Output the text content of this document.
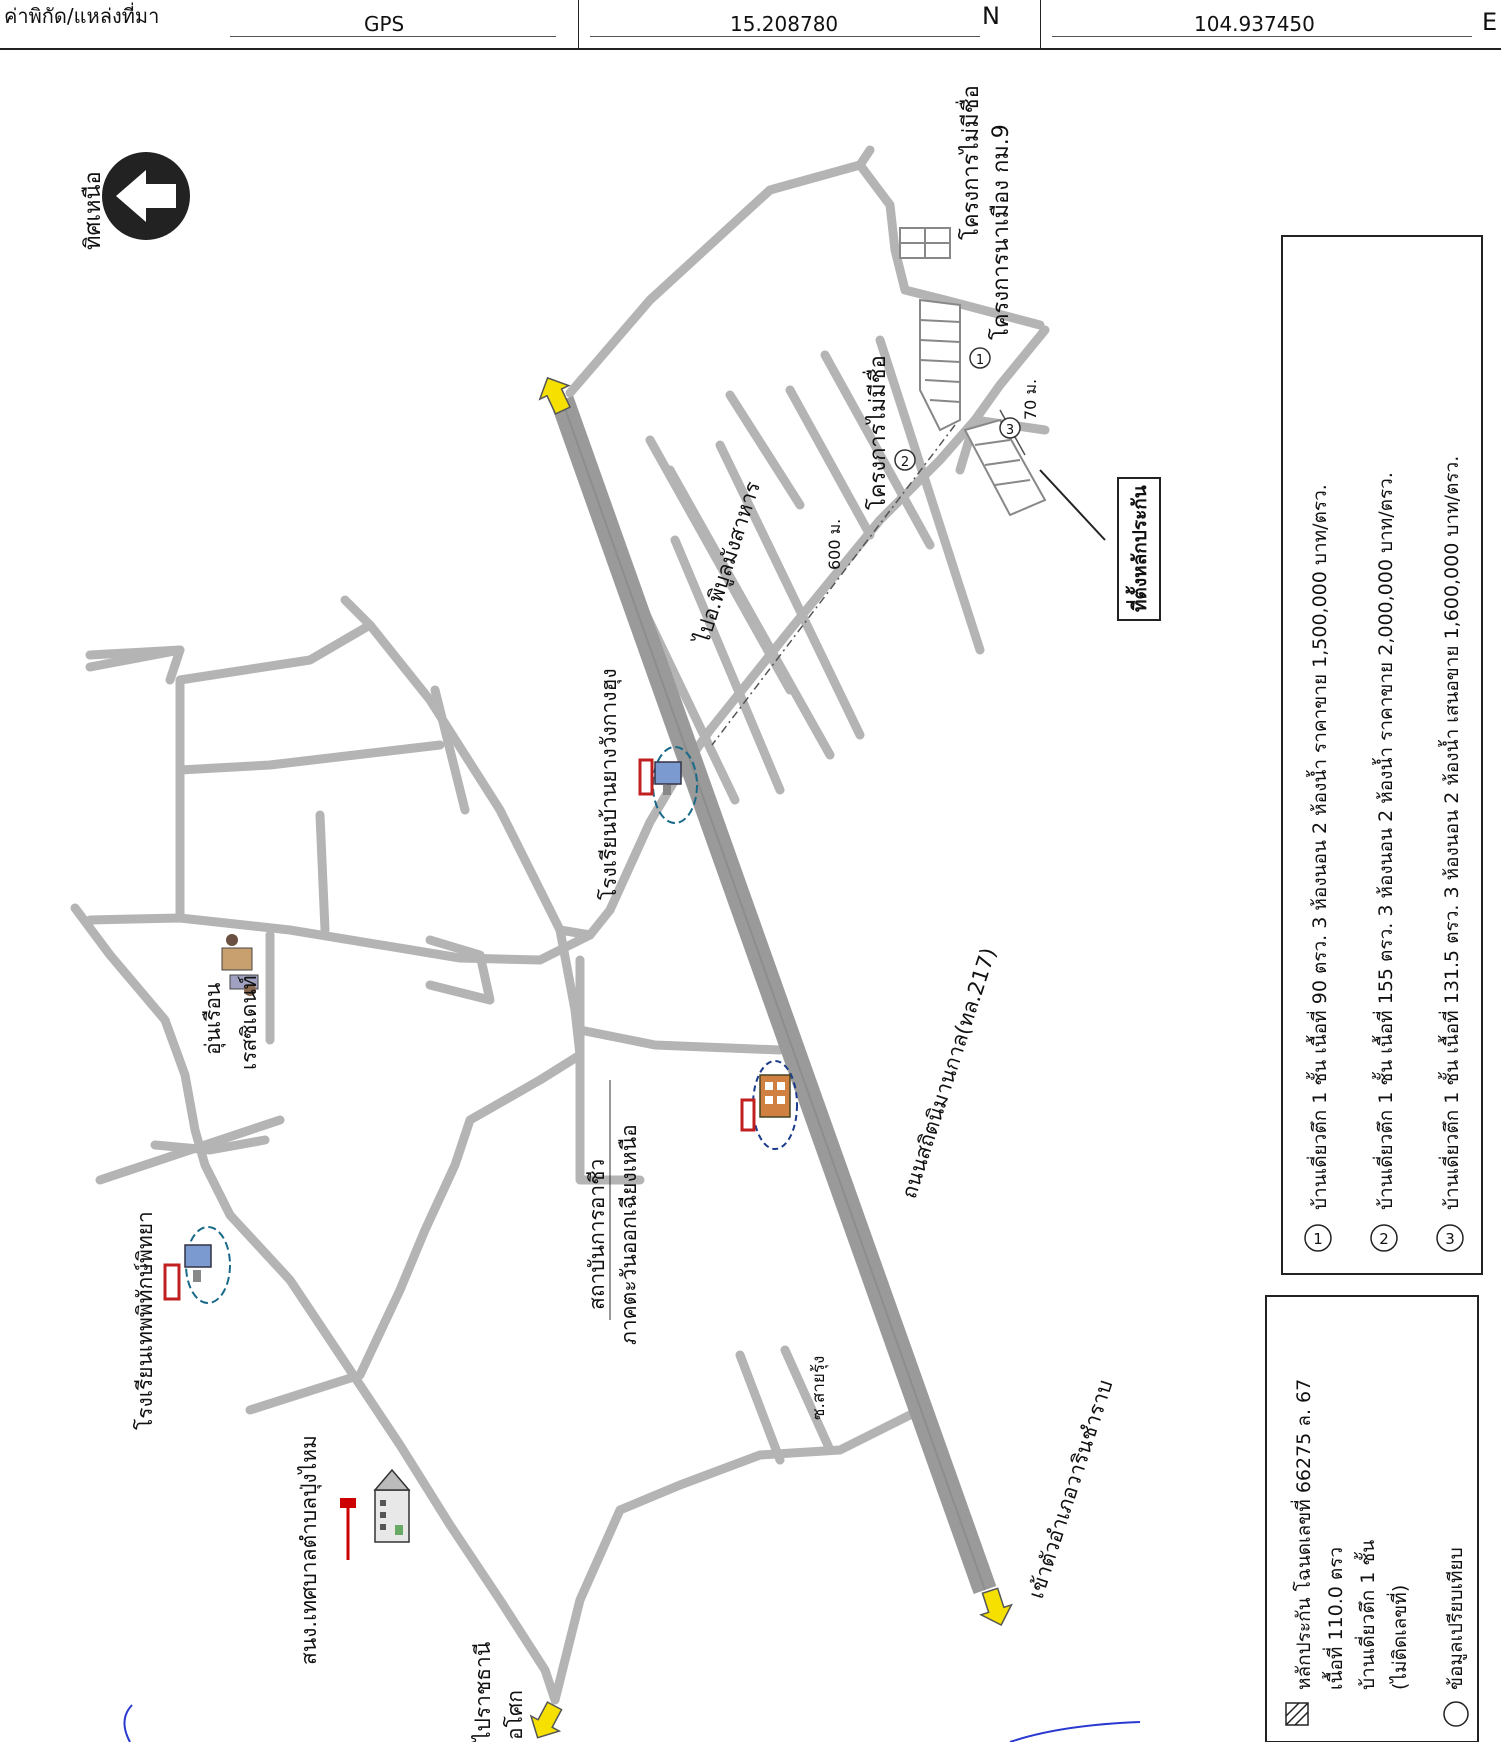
ค่าพิกัด/แหล่งที่มา	GPS	15.208780	N	104.937450	E
1
2
3
โครงการไม่มีชื่อ โครงการนาเมือง กม.9
โครงการไม่มีชื่อ
600 ม.
70 ม.
ที่ตั้งหลักประกัน
ทิศเหนือ
ไปอ.พิบูลมังสาหาร
โรงเรียนบ้านยางวังกางฮุง
ถนนสถิตนิมานกาล(ทล.217)
อุ่นเรือน เรสซิเดนท์
สถาบันการอาชีว ภาคตะวันออกเฉียงเหนือ
โรงเรียนเทพพิทักษ์พิทยา	ซ.สายรุ้ง
สนง.เทศบาลตำบลปุ่งไหม	เข้าตัวอำเภอวารินชำราบ
ไปราชธานี อโศก
1
บ้านเดี่ยวตึก 1 ชั้น เนื้อที่ 90 ตรว. 3 ห้องนอน 2 ห้องน้ำ ราคาขาย 1,500,000 บาท/ตรว.
2
บ้านเดี่ยวตึก 1 ชั้น เนื้อที่ 155 ตรว. 3 ห้องนอน 2 ห้องน้ำ ราคาขาย 2,000,000 บาท/ตรว.
3
บ้านเดี่ยวตึก 1 ชั้น เนื้อที่ 131.5 ตรว. 3 ห้องนอน 2 ห้องน้ำ เสนอขาย 1,600,000 บาท/ตรว.
หลักประกัน โฉนดเลขที่ 66275 ล. 67 เนื้อที่ 110.0 ตรว บ้านเดี่ยวตึก 1 ชั้น (ไม่ติดเลขที่) ข้อมูลเปรียบเทียบ
